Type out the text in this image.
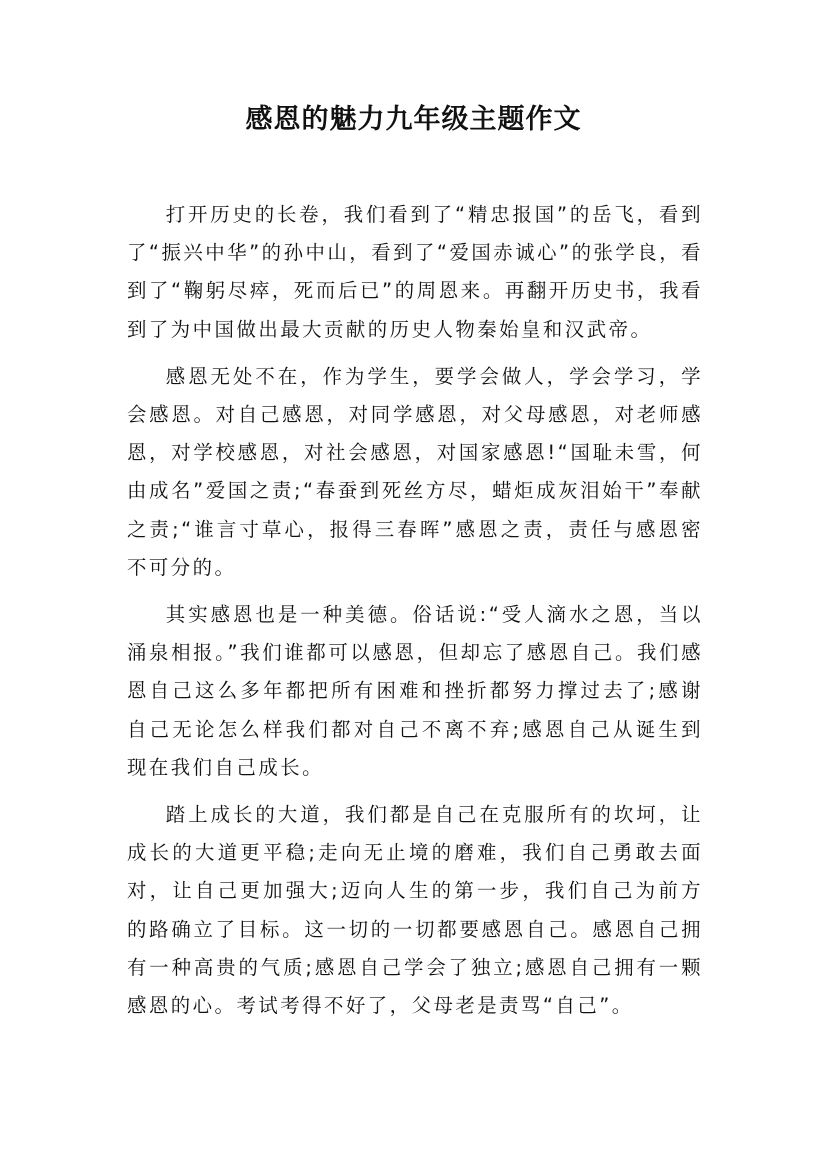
感恩的魅力九年级主题作文

打开历史的长卷，我们看到了“精忠报国”的岳飞，看到了“振兴中华”的孙中山，看到了“爱国赤诚心”的张学良，看到了“鞠躬尽瘁，死而后已”的周恩来。再翻开历史书，我看到了为中国做出最大贡献的历史人物秦始皇和汉武帝。

感恩无处不在，作为学生，要学会做人，学会学习，学会感恩。对自己感恩，对同学感恩，对父母感恩，对老师感恩，对学校感恩，对社会感恩，对国家感恩!“国耻未雪，何由成名”爱国之责;“春蚕到死丝方尽，蜡炬成灰泪始干”奉献之责;“谁言寸草心，报得三春晖”感恩之责，责任与感恩密不可分的。

其实感恩也是一种美德。俗话说:“受人滴水之恩，当以涌泉相报。”我们谁都可以感恩，但却忘了感恩自己。我们感恩自己这么多年都把所有困难和挫折都努力撑过去了;感谢自己无论怎么样我们都对自己不离不弃;感恩自己从诞生到现在我们自己成长。

踏上成长的大道，我们都是自己在克服所有的坎坷，让成长的大道更平稳;走向无止境的磨难，我们自己勇敢去面对，让自己更加强大;迈向人生的第一步，我们自己为前方的路确立了目标。这一切的一切都要感恩自己。感恩自己拥有一种高贵的气质;感恩自己学会了独立;感恩自己拥有一颗感恩的心。考试考得不好了，父母老是责骂“自己”。
